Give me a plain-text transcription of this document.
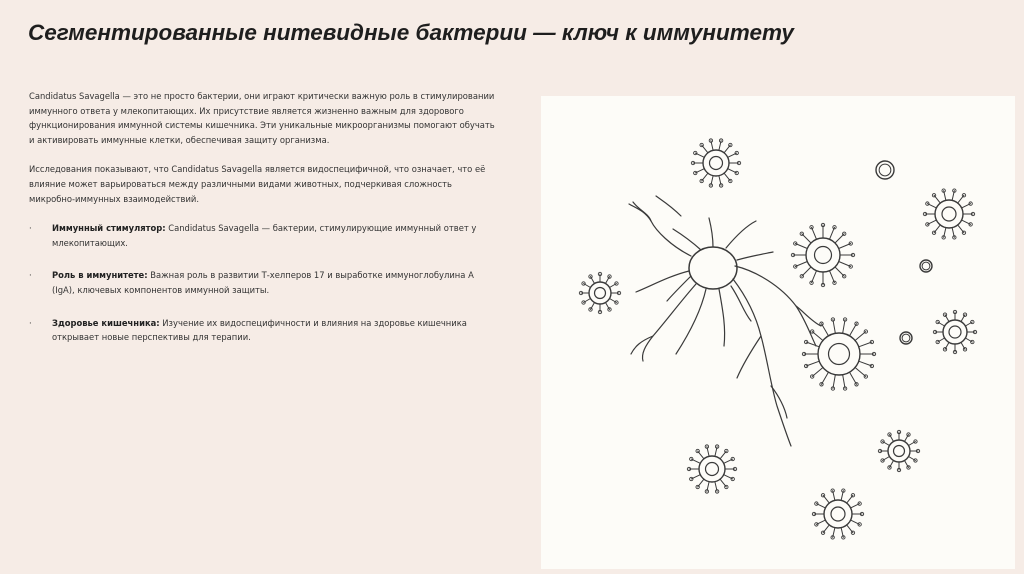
Сегментированные нитевидные бактерии — ключ к иммунитету

Candidatus Savagella — это не просто бактерии, они играют критически важную роль в стимулировании иммунного ответа у млекопитающих. Их присутствие является жизненно важным для здорового функционирования иммунной системы кишечника. Эти уникальные микроорганизмы помогают обучать и активировать иммунные клетки, обеспечивая защиту организма.

Исследования показывают, что Candidatus Savagella является видоспецифичной, что означает, что её влияние может варьироваться между различными видами животных, подчеркивая сложность микробно-иммунных взаимодействий.

· Иммунный стимулятор: Candidatus Savagella — бактерии, стимулирующие иммунный ответ у млекопитающих.
· Роль в иммунитете: Важная роль в развитии Т-хелперов 17 и выработке иммуноглобулина А (IgA), ключевых компонентов иммунной защиты.
· Здоровье кишечника: Изучение их видоспецифичности и влияния на здоровье кишечника открывает новые перспективы для терапии.
